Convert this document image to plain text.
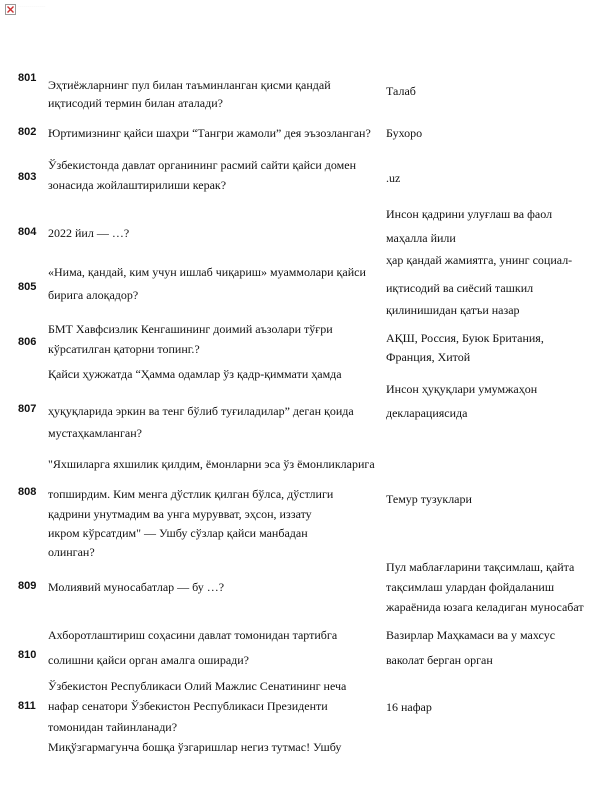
·········································
801 Эҳтиёжларнинг пул билан таъминланган қисми қандай
иқтисодий термин билан аталади?
Талаб
802 Юртимизнинг қайси шаҳри “Тангри жамоли” дея эъзозланган? Бухоро
803
Ўзбекистонда давлат органининг расмий сайти қайси домен
зонасида жойлаштирилиши керак?	.uz
804 2022 йил — …?
Инсон қадрини улуғлаш ва фаол
маҳалла йили
805
«Нима, қандай, ким учун ишлаб чиқариш» муаммолари қайси
бирига алоқадор?
ҳар қандай жамиятга, унинг социал-
иқтисодий ва сиёсий ташкил
қилинишидан қатъи назар
806
БМТ Хавфсизлик Кенгашининг доимий аъзолари тўғри
кўрсатилган қаторни топинг.?
АҚШ, Россия, Буюк Британия,
Франция, Хитой
807
Қайси ҳужжатда “Ҳамма одамлар ўз қадр-қиммати ҳамда
ҳуқуқларида эркин ва тенг бўлиб туғиладилар” деган қоида
мустаҳкамланган?
Инсон ҳуқуқлари умумжаҳон
декларациясида
808
"Яхшиларга яхшилик қилдим, ёмонларни эса ўз ёмонликларига
топширдим. Ким менга дўстлик қилган бўлса, дўстлиги
қадрини унутмадим ва унга мурувват, эҳсон, иззату
икром кўрсатдим" — Ушбу сўзлар қайси манбадан
олинган?
Темур тузуклари
809 Молиявий муносабатлар — бу …?
Пул маблағларини тақсимлаш, қайта
тақсимлаш улардан фойдаланиш
жараёнида юзага келадиган муносабат
810
Ахборотлаштириш соҳасини давлат томонидан тартибга
солишни қайси орган амалга оширади?
Вазирлар Маҳкамаси ва у махсус
ваколат берган орган
811
Ўзбекистон Республикаси Олий Мажлис Сенатининг неча
нафар сенатори Ўзбекистон Республикаси Президенти
томонидан тайинланади?
Миқўзгармагунча бошқа ўзгаришлар негиз тутмас! Ушбу
16 нафар
